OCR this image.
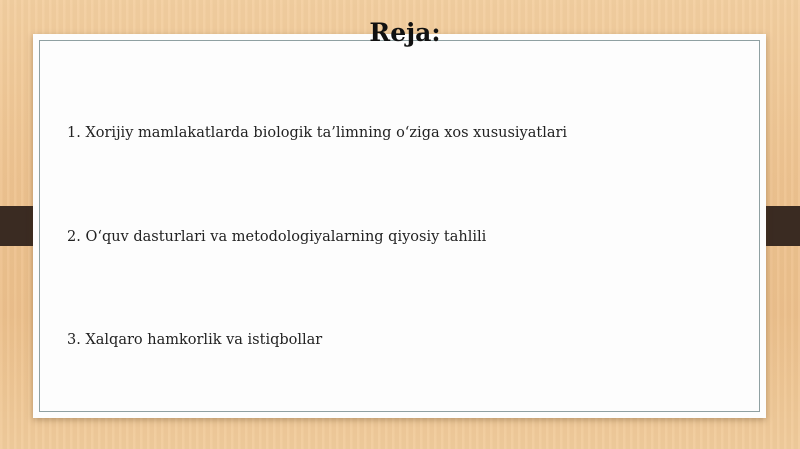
Reja:
1. Xorijiy mamlakatlarda biologik ta’limning o‘ziga xos xususiyatlari
2. O‘quv dasturlari va metodologiyalarning qiyosiy tahlili
3. Xalqaro hamkorlik va istiqbollar
